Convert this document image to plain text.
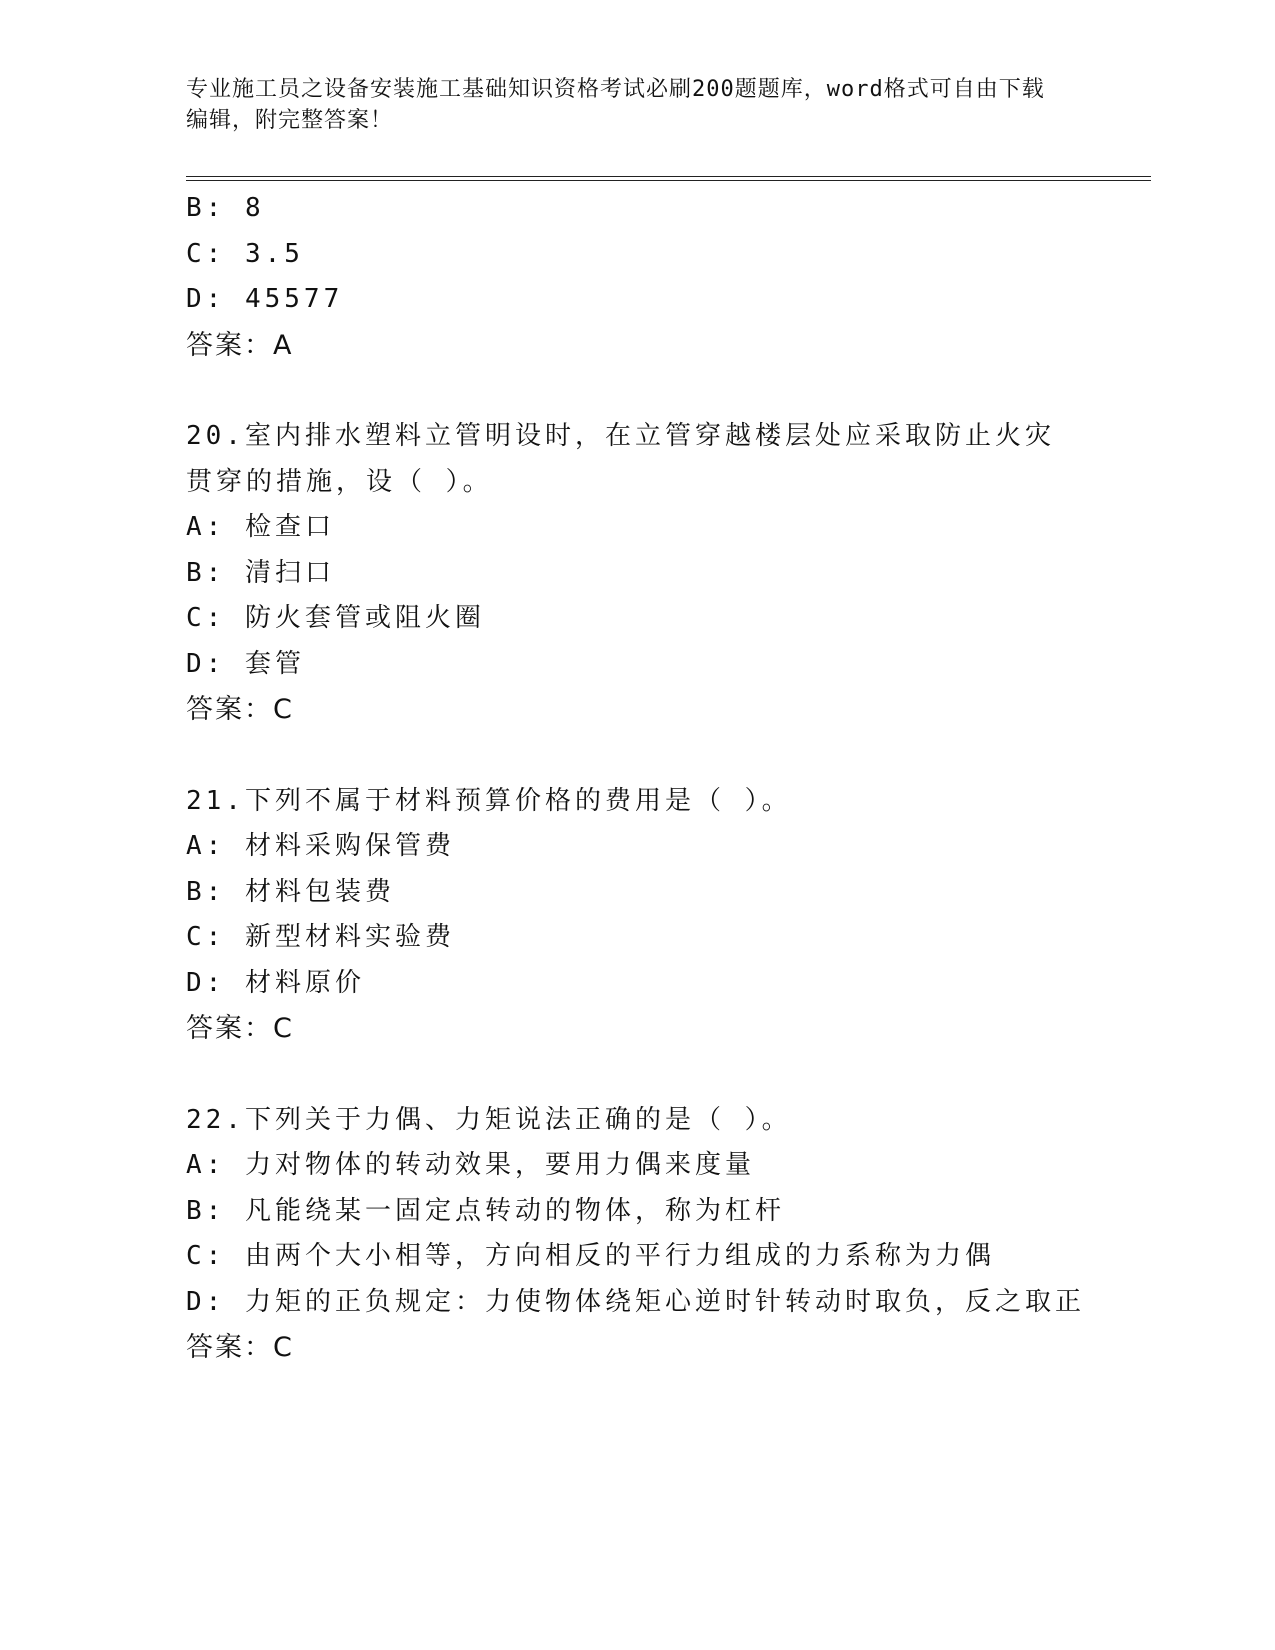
专业施工员之设备安装施工基础知识资格考试必刷200题题库，word格式可自由下载编辑，附完整答案！
B: 8
C: 3.5
D: 45577
答案：A
20.室内排水塑料立管明设时，在立管穿越楼层处应采取防止火灾贯穿的措施，设（ ）。
A: 检查口
B: 清扫口
C: 防火套管或阻火圈
D: 套管
答案：C
21.下列不属于材料预算价格的费用是（ ）。
A: 材料采购保管费
B: 材料包装费
C: 新型材料实验费
D: 材料原价
答案：C
22.下列关于力偶、力矩说法正确的是（ ）。
A: 力对物体的转动效果，要用力偶来度量
B: 凡能绕某一固定点转动的物体，称为杠杆
C: 由两个大小相等，方向相反的平行力组成的力系称为力偶
D: 力矩的正负规定：力使物体绕矩心逆时针转动时取负，反之取正
答案：C
